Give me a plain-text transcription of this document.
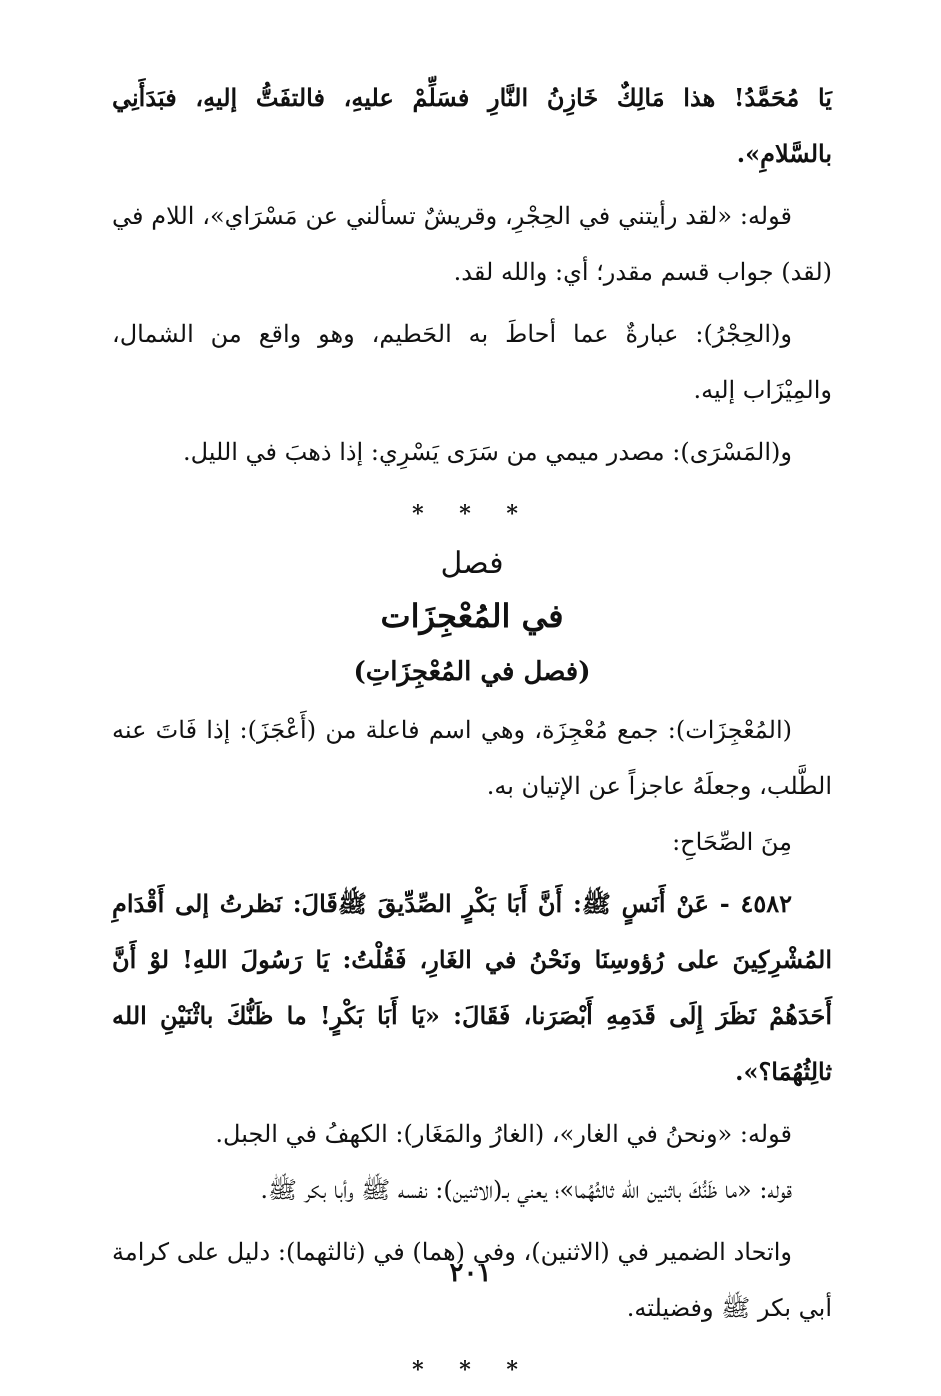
يَا مُحَمَّدُ! هذا مَالِكٌ خَازِنُ النَّارِ فسَلِّمْ عليهِ، فالتفَتُّ إليهِ، فبَدَأَنِي بالسَّلامِ».

قوله: «لقد رأيتني في الحِجْرِ، وقريشٌ تسألني عن مَسْرَاي»، اللام في (لقد) جواب قسم مقدر؛ أي: والله لقد.

و(الحِجْرُ): عبارةٌ عما أحاطَ به الحَطيم، وهو واقع من الشمال، والمِيْزَاب إليه.

و(المَسْرَى): مصدر ميمي من سَرَى يَسْرِي: إذا ذهبَ في الليل.

* * *
فصل
في المُعْجِزَات
(فصل في المُعْجِزَاتِ)

(المُعْجِزَات): جمع مُعْجِزَة، وهي اسم فاعلة من (أَعْجَزَ): إذا فَاتَ عنه الطَّلب، وجعلَهُ عاجزاً عن الإتيان به.

مِنَ الصِّحَاحِ:

٤٥٨٢ - عَنْ أَنَسٍ ﷺ: أَنَّ أَبَا بَكْرٍ الصِّدِّيقَ ﷺقَالَ: نَظرتُ إلى أَقْدَامِ المُشْرِكِينَ على رُؤوسِنَا ونَحْنُ في الغَارِ، فَقُلْتُ: يَا رَسُولَ اللهِ! لوْ أَنَّ أَحَدَهُمْ نَظَرَ إِلَى قَدَمِهِ أَبْصَرَنا، فَقَالَ: «يَا أَبَا بَكْرٍ! ما ظَنُّكَ باثْنَيْنِ الله ثالِثُهُمَا؟».

قوله: «ونحنُ في الغار»، (الغارُ والمَغَار): الكهفُ في الجبل.

قوله: «ما ظَنُّكَ باثنين الله ثالثُهُما»؛ يعني بـ(الاثنين): نفسه ﷺ وأبا بكر ﷺ.

واتحاد الضمير في (الاثنين)، وفي (هما) في (ثالثهما): دليل على كرامة أبي بكر ﷺ وفضيلته.

* * *
٢٠١
